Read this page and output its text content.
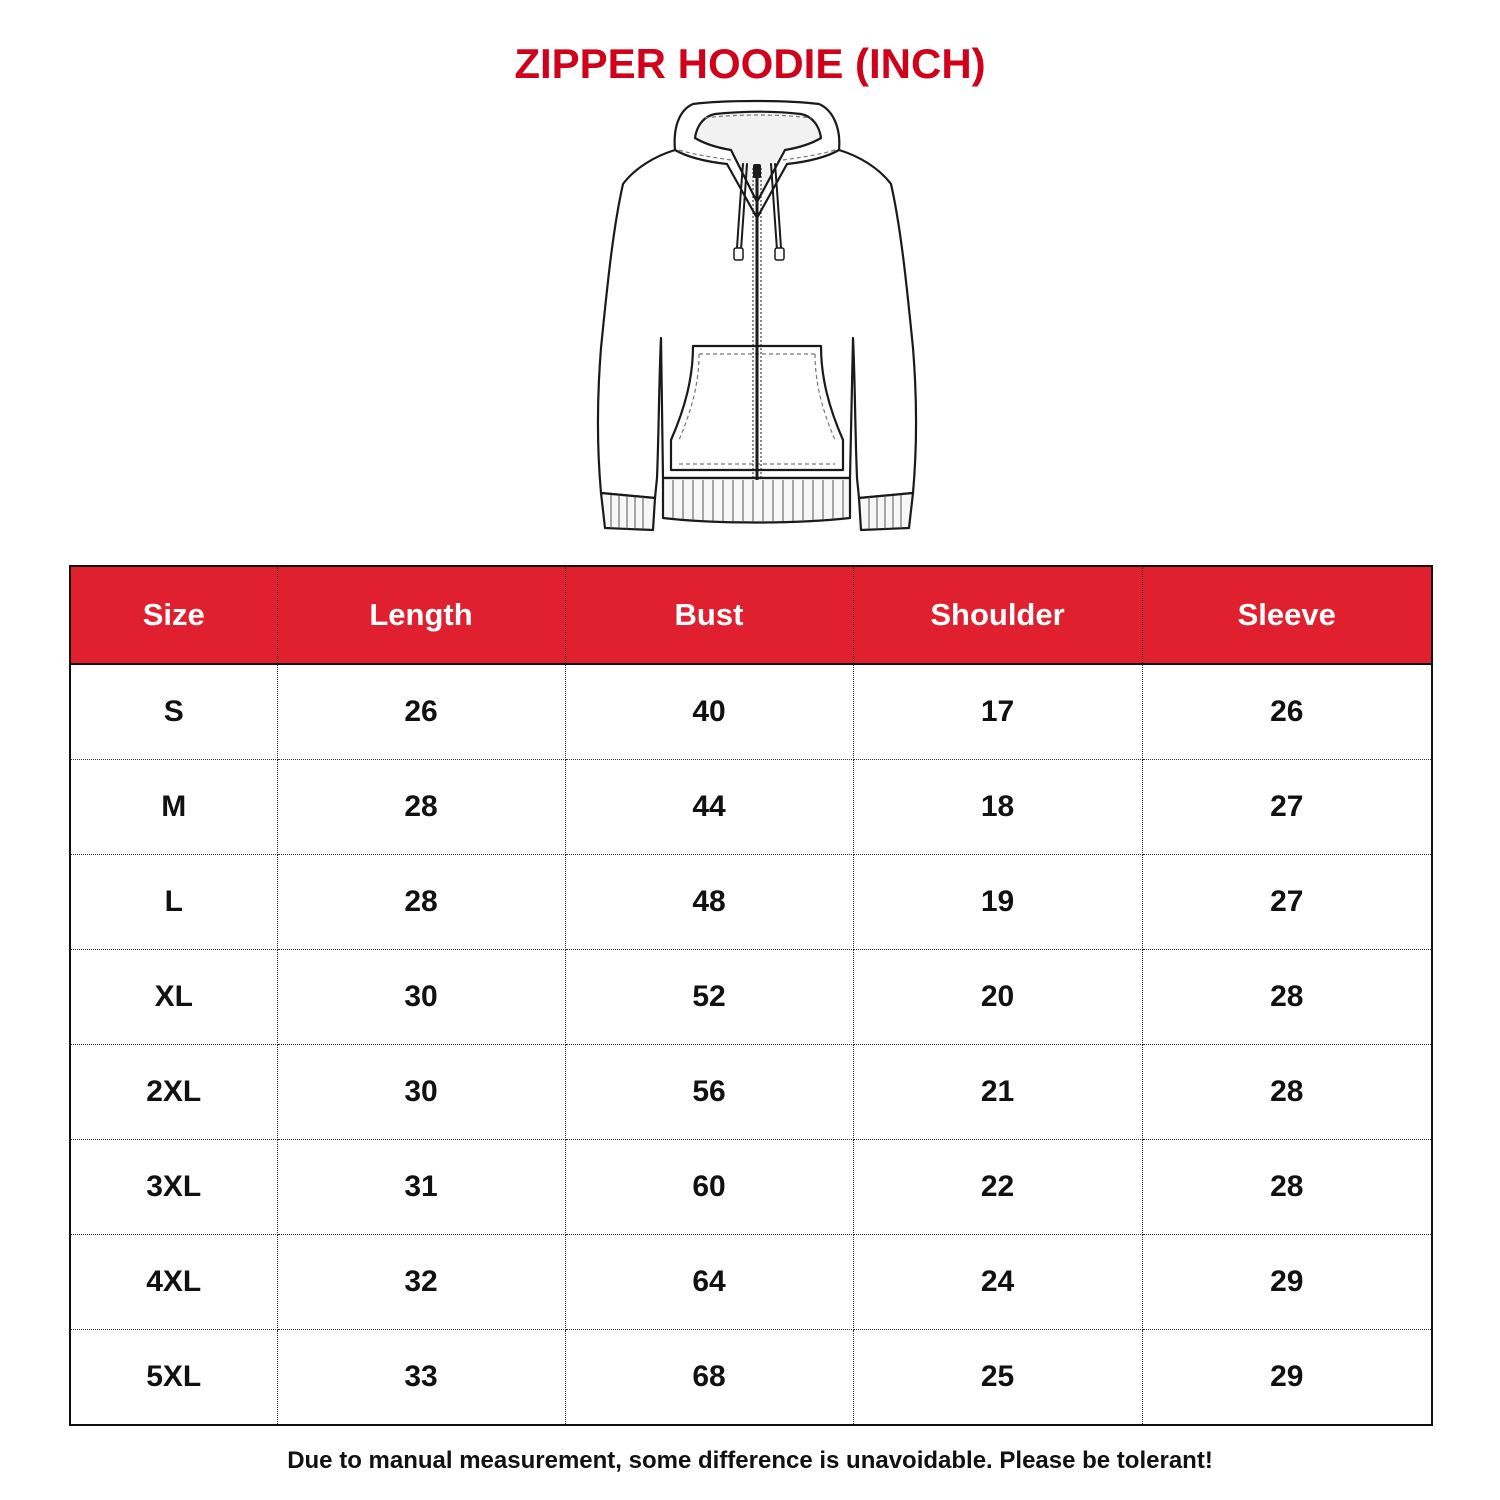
ZIPPER HOODIE (INCH)
Size	Length	Bust	Shoulder	Sleeve
S	26	40	17	26
M	28	44	18	27
L	28	48	19	27
XL	30	52	20	28
2XL	30	56	21	28
3XL	31	60	22	28
4XL	32	64	24	29
5XL	33	68	25	29
Due to manual measurement, some difference is unavoidable. Please be tolerant!
